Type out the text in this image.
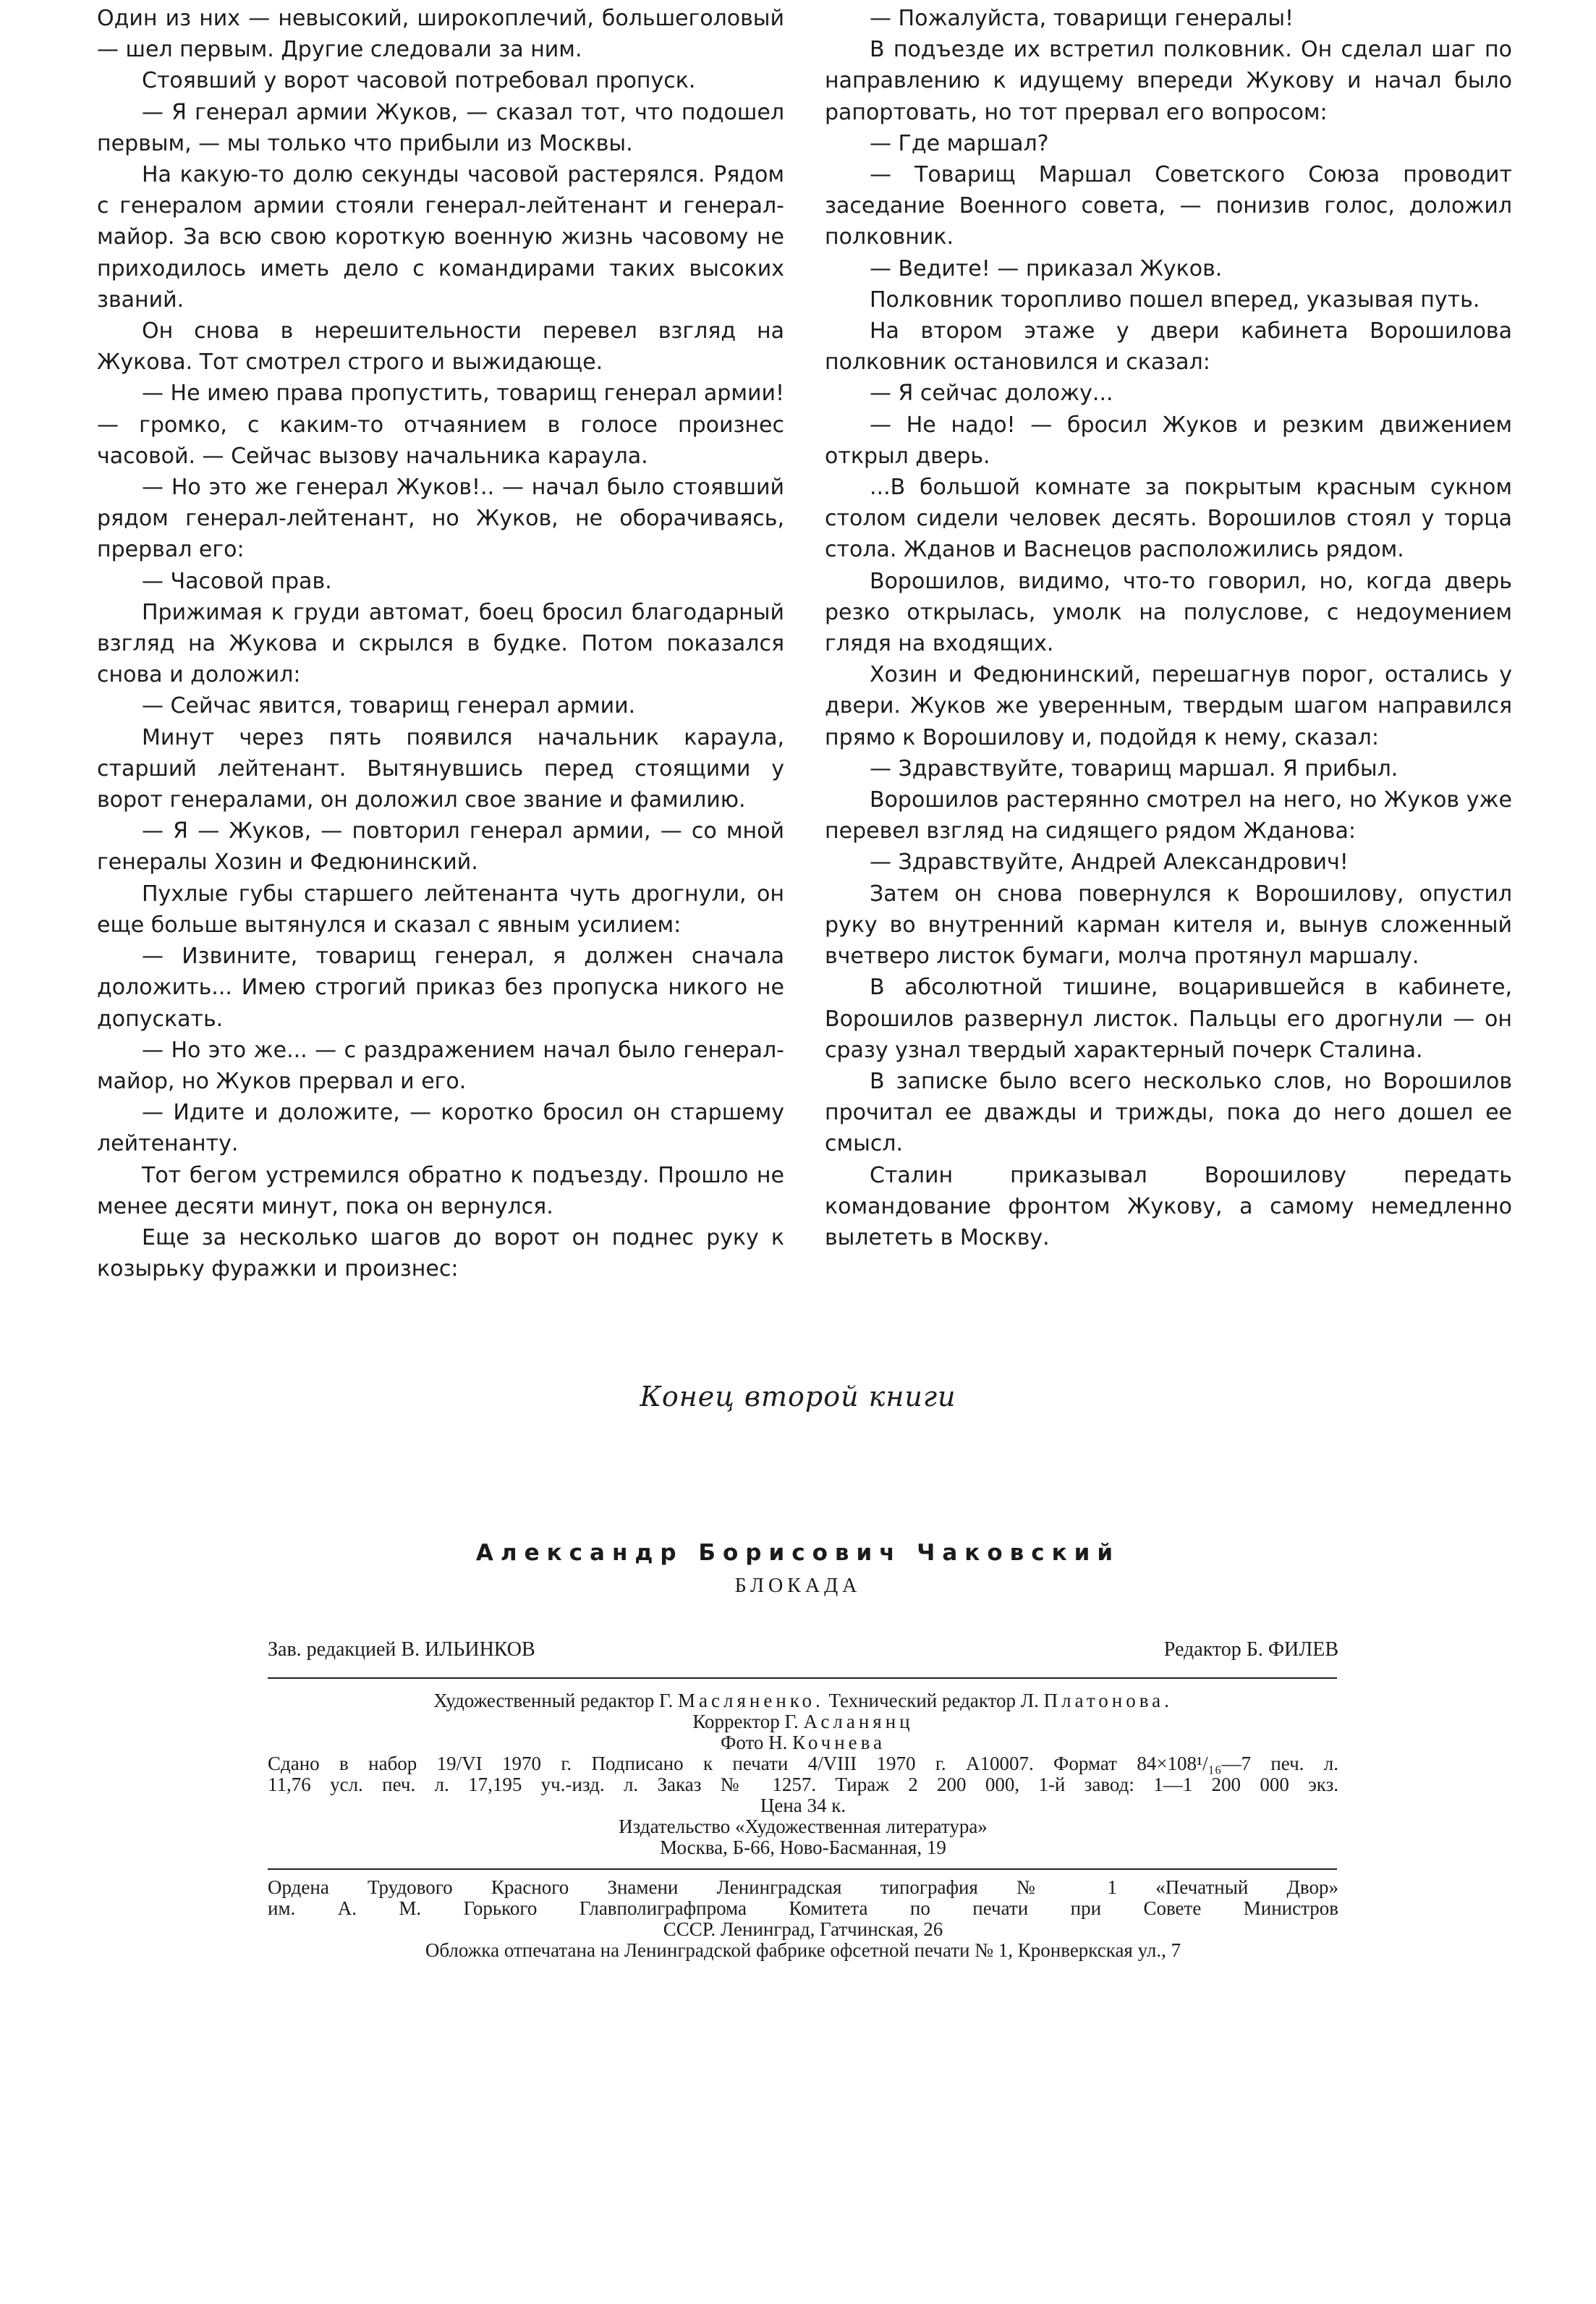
Один из них — невысокий, широкоплечий, большеголовый — шел первым. Другие следовали за ним.

Стоявший у ворот часовой потребовал пропуск.

— Я генерал армии Жуков, — сказал тот, что подошел первым, — мы только что прибыли из Москвы.

На какую-то долю секунды часовой растерялся. Рядом с генералом армии стояли генерал-лейтенант и генерал-майор. За всю свою короткую военную жизнь часовому не приходилось иметь дело с командирами таких высоких званий.

Он снова в нерешительности перевел взгляд на Жукова. Тот смотрел строго и выжидающе.

— Не имею права пропустить, товарищ генерал армии! — громко, с каким-то отчаянием в голосе произнес часовой. — Сейчас вызову начальника караула.

— Но это же генерал Жуков!.. — начал было стоявший рядом генерал-лейтенант, но Жуков, не оборачиваясь, прервал его:

— Часовой прав.

Прижимая к груди автомат, боец бросил благодарный взгляд на Жукова и скрылся в будке. Потом показался снова и доложил:

— Сейчас явится, товарищ генерал армии.

Минут через пять появился начальник караула, старший лейтенант. Вытянувшись перед стоящими у ворот генералами, он доложил свое звание и фамилию.

— Я — Жуков, — повторил генерал армии, — со мной генералы Хозин и Федюнинский.

Пухлые губы старшего лейтенанта чуть дрогнули, он еще больше вытянулся и сказал с явным усилием:

— Извините, товарищ генерал, я должен сначала доложить... Имею строгий приказ без пропуска никого не допускать.

— Но это же... — с раздражением начал было генерал-майор, но Жуков прервал и его.

— Идите и доложите, — коротко бросил он старшему лейтенанту.

Тот бегом устремился обратно к подъезду. Прошло не менее десяти минут, пока он вернулся.

Еще за несколько шагов до ворот он поднес руку к козырьку фуражки и произнес:

— Пожалуйста, товарищи генералы!

В подъезде их встретил полковник. Он сделал шаг по направлению к идущему впереди Жукову и начал было рапортовать, но тот прервал его вопросом:

— Где маршал?

— Товарищ Маршал Советского Союза проводит заседание Военного совета, — понизив голос, доложил полковник.

— Ведите! — приказал Жуков.

Полковник торопливо пошел вперед, указывая путь.

На втором этаже у двери кабинета Ворошилова полковник остановился и сказал:

— Я сейчас доложу...

— Не надо! — бросил Жуков и резким движением открыл дверь.

...В большой комнате за покрытым красным сукном столом сидели человек десять. Ворошилов стоял у торца стола. Жданов и Васнецов расположились рядом.

Ворошилов, видимо, что-то говорил, но, когда дверь резко открылась, умолк на полуслове, с недоумением глядя на входящих.

Хозин и Федюнинский, перешагнув порог, остались у двери. Жуков же уверенным, твердым шагом направился прямо к Ворошилову и, подойдя к нему, сказал:

— Здравствуйте, товарищ маршал. Я прибыл.

Ворошилов растерянно смотрел на него, но Жуков уже перевел взгляд на сидящего рядом Жданова:

— Здравствуйте, Андрей Александрович!

Затем он снова повернулся к Ворошилову, опустил руку во внутренний карман кителя и, вынув сложенный вчетверо листок бумаги, молча протянул маршалу.

В абсолютной тишине, воцарившейся в кабинете, Ворошилов развернул листок. Пальцы его дрогнули — он сразу узнал твердый характерный почерк Сталина.

В записке было всего несколько слов, но Ворошилов прочитал ее дважды и трижды, пока до него дошел ее смысл.

Сталин приказывал Ворошилову передать командование фронтом Жукову, а самому немедленно вылететь в Москву.

Конец второй книги
Александр Борисович Чаковский
БЛОКАДА
Зав. редакцией В. ИЛЬИНКОВ	Редактор Б. ФИЛЕВ
Художественный редактор Г. Масляненко. Технический редактор Л. Платонова.
Корректор Г. Асланянц
Фото Н. Кочнева
Сдано в набор 19/VI 1970 г. Подписано к печати 4/VIII 1970 г. А10007. Формат 84×108¹/₁₆—7 печ. л.
11,76 усл. печ. л. 17,195 уч.-изд. л. Заказ № 1257. Тираж 2 200 000, 1-й завод: 1—1 200 000 экз.
Цена 34 к.
Издательство «Художественная литература»
Москва, Б-66, Ново-Басманная, 19
Ордена Трудового Красного Знамени Ленинградская типография № 1 «Печатный Двор»
им. А. М. Горького Главполиграфпрома Комитета по печати при Совете Министров
СССР. Ленинград, Гатчинская, 26
Обложка отпечатана на Ленинградской фабрике офсетной печати № 1, Кронверкская ул., 7
